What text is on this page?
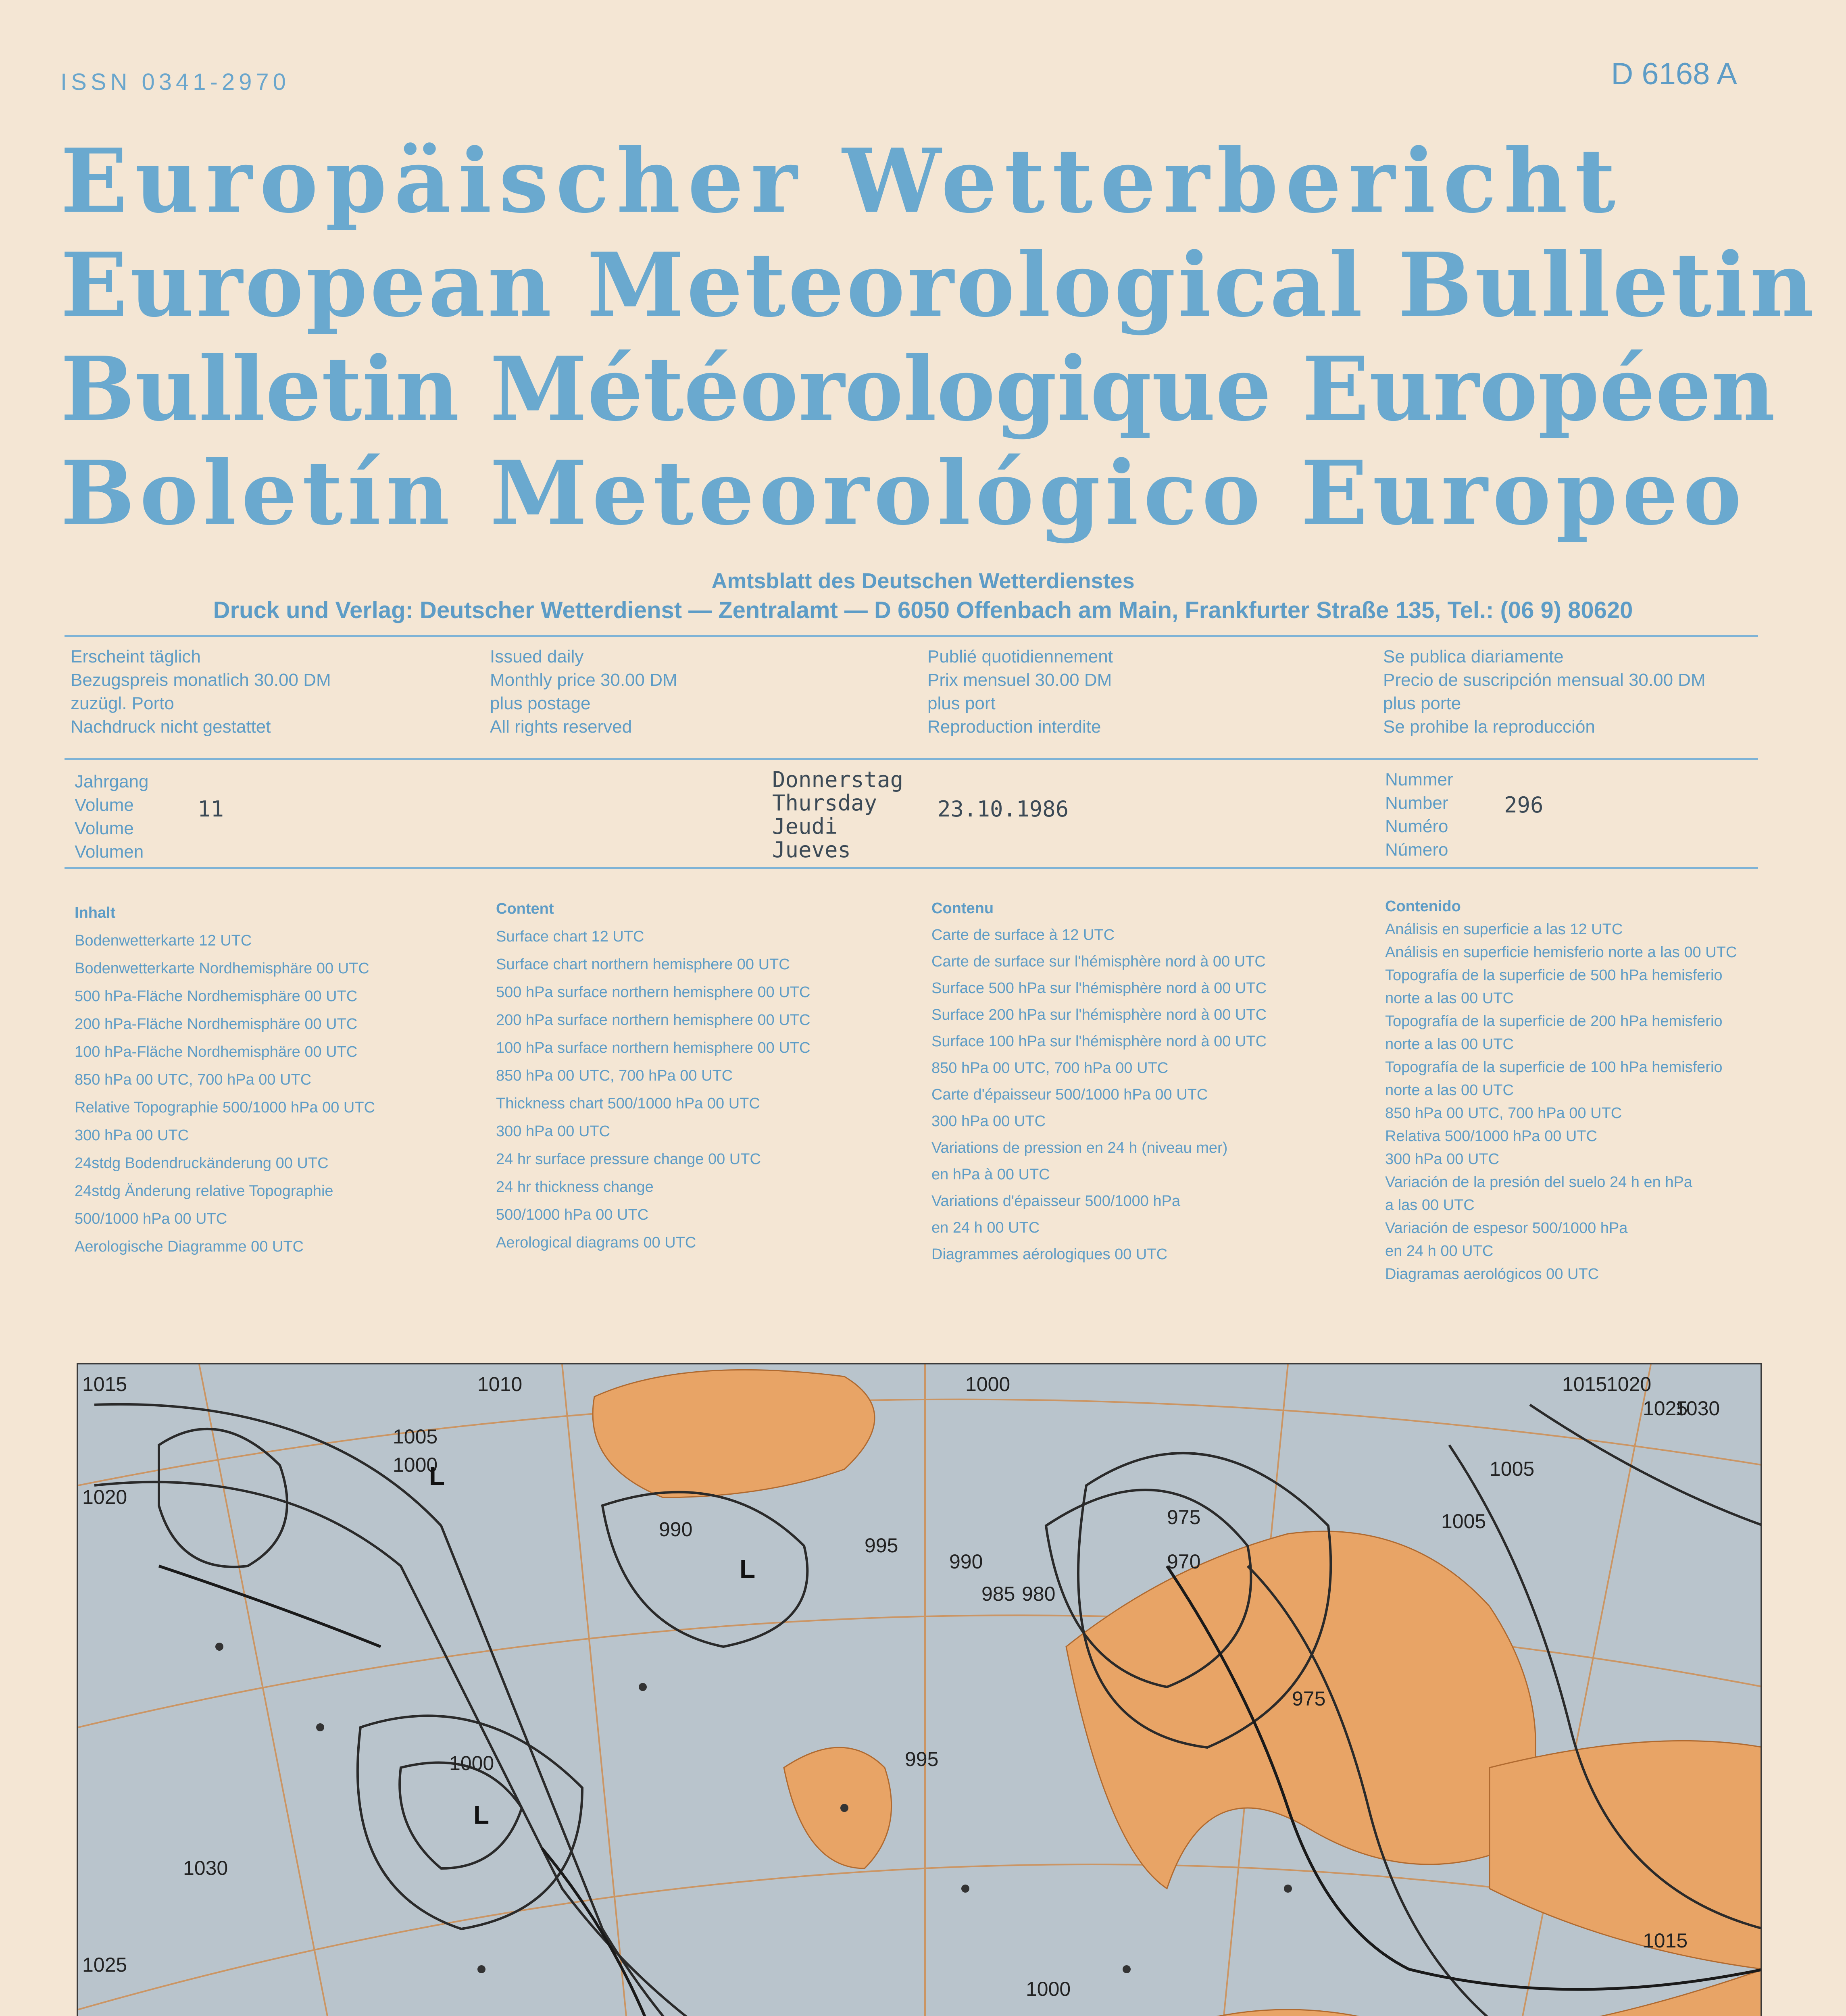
ISSN 0341-2970	D 6168 A
Europäischer Wetterbericht
European Meteorological Bulletin
Bulletin Météorologique Européen
Boletín Meteorológico Europeo
Amtsblatt des Deutschen Wetterdienstes
Druck und Verlag: Deutscher Wetterdienst — Zentralamt — D 6050 Offenbach am Main, Frankfurter Straße 135, Tel.: (06 9) 80620
Erscheint täglich
Bezugspreis monatlich 30.00 DM
zuzügl. Porto
Nachdruck nicht gestattet
Issued daily
Monthly price 30.00 DM
plus postage
All rights reserved
Publié quotidiennement
Prix mensuel 30.00 DM
plus port
Reproduction interdite
Se publica diariamente
Precio de suscripción mensual 30.00 DM
plus porte
Se prohibe la reproducción
Jahrgang
Volume
Volume
Volumen
11
Donnerstag
Thursday
Jeudi
Jueves
23.10.1986
Nummer
Number
Numéro
Número
296
Inhalt
Bodenwetterkarte 12 UTC
Bodenwetterkarte Nordhemisphäre 00 UTC
500 hPa-Fläche Nordhemisphäre 00 UTC
200 hPa-Fläche Nordhemisphäre 00 UTC
100 hPa-Fläche Nordhemisphäre 00 UTC
850 hPa 00 UTC, 700 hPa 00 UTC
Relative Topographie 500/1000 hPa 00 UTC
300 hPa 00 UTC
24stdg Bodendruckänderung 00 UTC
24stdg Änderung relative Topographie
500/1000 hPa 00 UTC
Aerologische Diagramme 00 UTC
Content
Surface chart 12 UTC
Surface chart northern hemisphere 00 UTC
500 hPa surface northern hemisphere 00 UTC
200 hPa surface northern hemisphere 00 UTC
100 hPa surface northern hemisphere 00 UTC
850 hPa 00 UTC, 700 hPa 00 UTC
Thickness chart 500/1000 hPa 00 UTC
300 hPa 00 UTC
24 hr surface pressure change 00 UTC
24 hr thickness change
500/1000 hPa 00 UTC
Aerological diagrams 00 UTC
Contenu
Carte de surface à 12 UTC
Carte de surface sur l'hémisphère nord à 00 UTC
Surface 500 hPa sur l'hémisphère nord à 00 UTC
Surface 200 hPa sur l'hémisphère nord à 00 UTC
Surface 100 hPa sur l'hémisphère nord à 00 UTC
850 hPa 00 UTC, 700 hPa 00 UTC
Carte d'épaisseur 500/1000 hPa 00 UTC
300 hPa 00 UTC
Variations de pression en 24 h (niveau mer)
en hPa à 00 UTC
Variations d'épaisseur 500/1000 hPa
en 24 h 00 UTC
Diagrammes aérologiques 00 UTC
Contenido
Análisis en superficie a las 12 UTC
Análisis en superficie hemisferio norte a las 00 UTC
Topografía de la superficie de 500 hPa hemisferio
norte a las 00 UTC
Topografía de la superficie de 200 hPa hemisferio
norte a las 00 UTC
Topografía de la superficie de 100 hPa hemisferio
norte a las 00 UTC
850 hPa 00 UTC, 700 hPa 00 UTC
Relativa 500/1000 hPa 00 UTC
300 hPa 00 UTC
Variación de la presión del suelo 24 h en hPa
a las 00 UTC
Variación de espesor 500/1000 hPa
en 24 h 00 UTC
Diagramas aerológicos 00 UTC
1015	1010
1005
1000
1000
995
990
990
985 980
975
970
975
995
1000
1000
1005
1015
1020
1025
1030
1025
1020
1015
1030
1005
L
L
L
